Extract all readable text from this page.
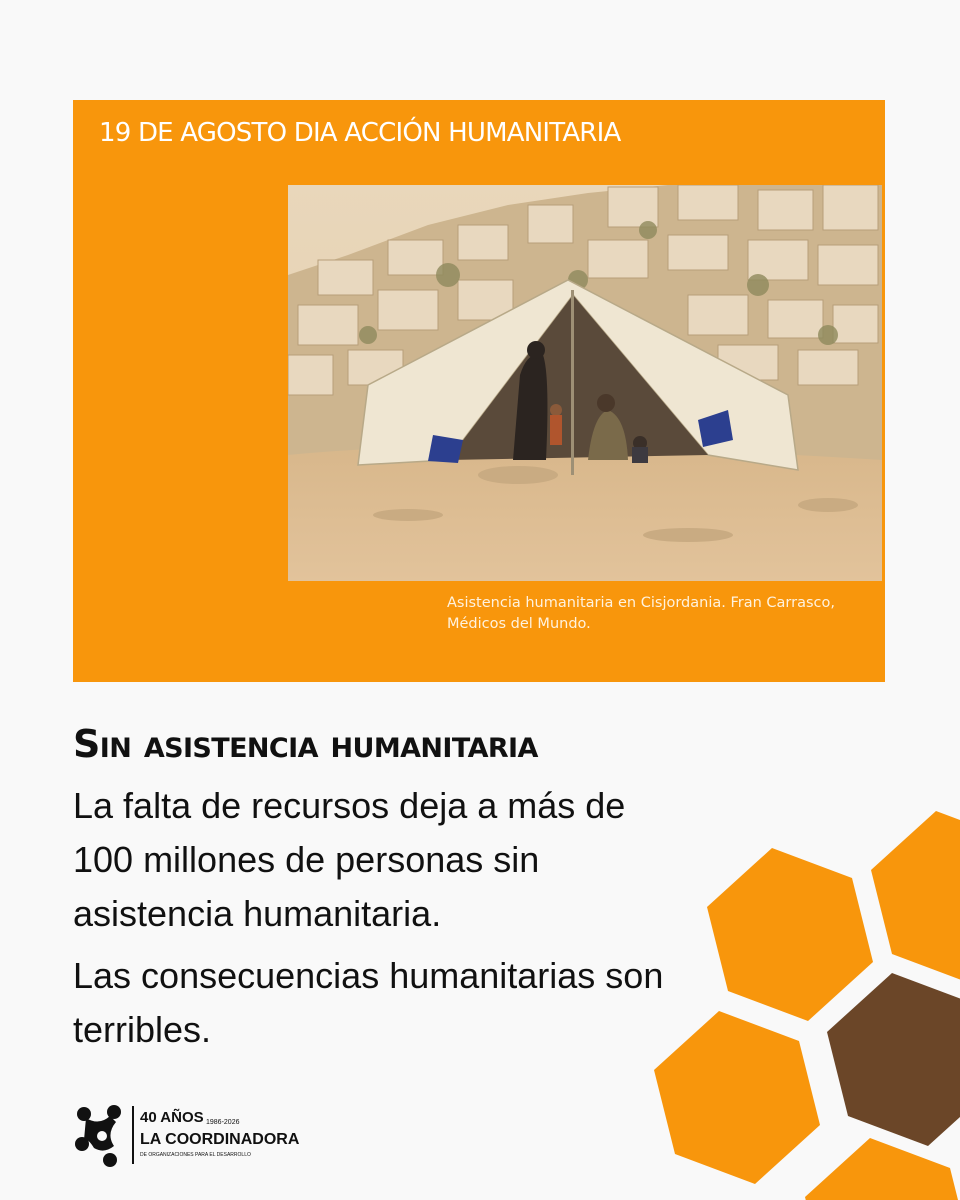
19 DE AGOSTO DIA ACCIÓN HUMANITARIA
Asistencia humanitaria en Cisjordania. Fran Carrasco, Médicos del Mundo.
Sin asistencia humanitaria
La falta de recursos deja a más de 100 millones de personas sin asistencia humanitaria.
Las consecuencias humanitarias son terribles.
40 AÑOS 1986-2026
LA COORDINADORA
DE ORGANIZACIONES PARA EL DESARROLLO
